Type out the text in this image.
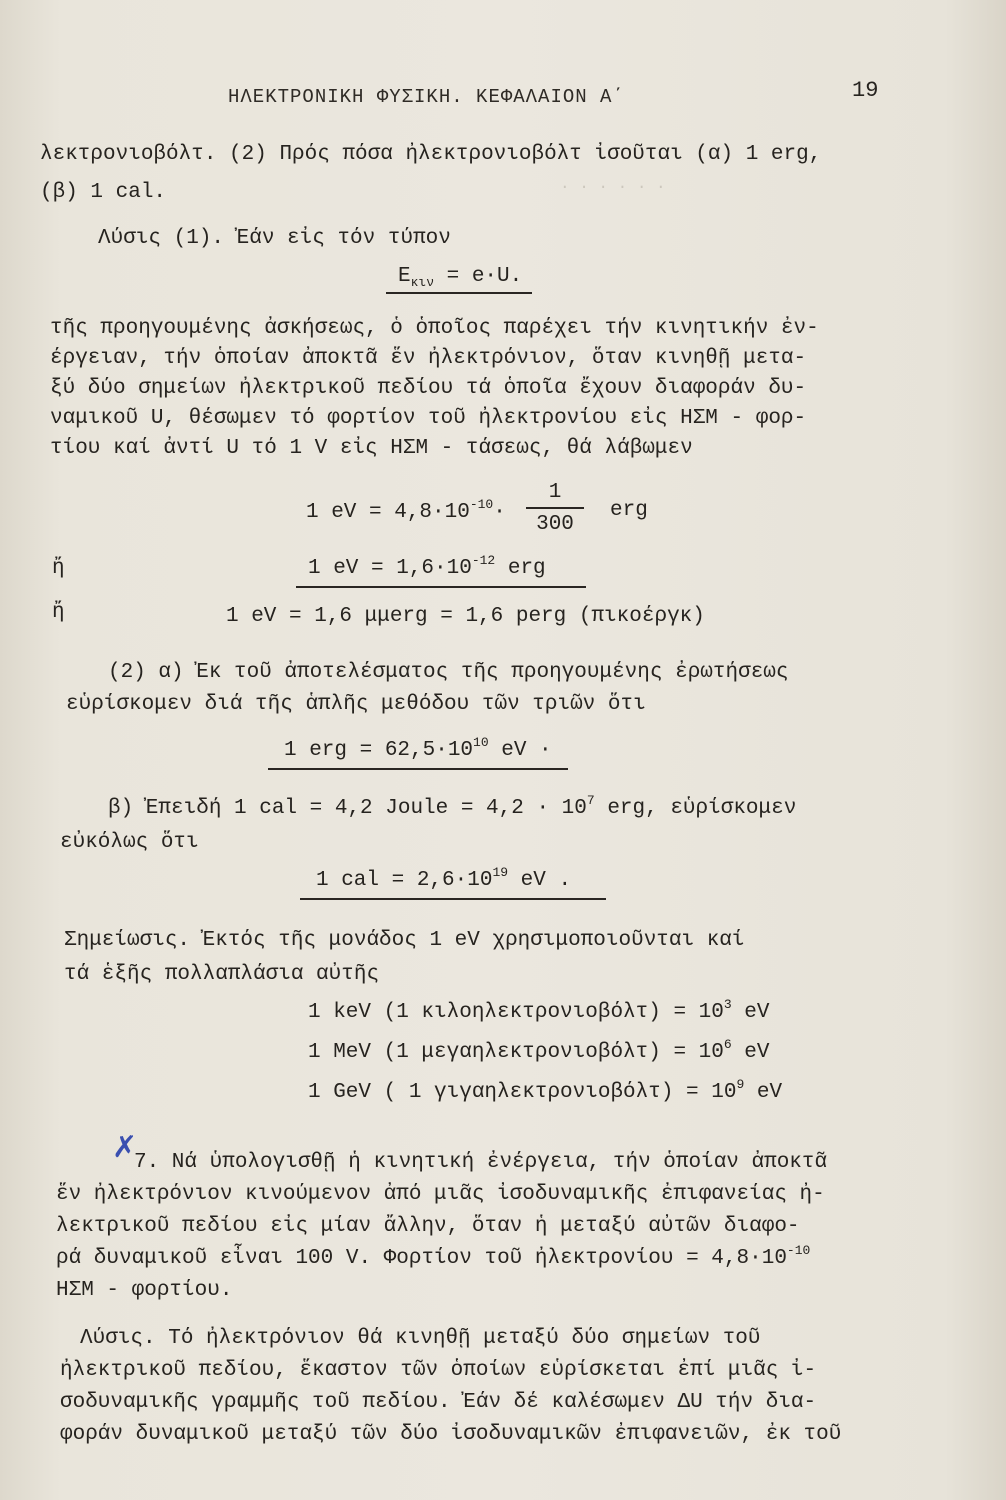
· · · · · ·
ΗΛΕΚΤΡΟΝΙΚΗ ΦΥΣΙΚΗ. ΚΕΦΑΛΑΙΟΝ Α΄	19
λεκτρονιοβόλτ. (2) Πρός πόσα ἠλεκτρονιοβόλτ ἰσοῦται (α) 1 erg,
(β) 1 cal.
Λύσις (1). Ἐάν εἰς τόν τύπον
$E_{\kappa\iota\nu} = e\cdot U$.
τῆς προηγουμένης ἀσκήσεως, ὁ ὁποῖος παρέχει τήν κινητικήν ἐν-
έργειαν, τήν ὁποίαν ἀποκτᾶ ἕν ἠλεκτρόνιον, ὅταν κινηθῇ μετα-
ξύ δύο σημείων ἠλεκτρικοῦ πεδίου τά ὁποῖα ἔχουν διαφοράν δυ-
ναμικοῦ U, θέσωμεν τό φορτίον τοῦ ἠλεκτρονίου εἰς ΗΣΜ - φορ-
τίου καί ἀντί U τό 1 V εἰς ΗΣΜ - τάσεως, θά λάβωμεν
1 eV = $4,8\cdot 10^{-10}\cdot$
1
300
erg
ἤ	1 eV = $1,6\cdot 10^{-12}$ erg
ἤ	1 eV = 1,6 μμerg = 1,6 perg (πικοέργκ)
(2) α) Ἐκ τοῦ ἀποτελέσματος τῆς προηγουμένης ἐρωτήσεως
εὑρίσκομεν διά τῆς ἁπλῆς μεθόδου τῶν τριῶν ὅτι
1 erg = $62,5\cdot 10^{10}$ eV ·
β) Ἐπειδή 1 cal = 4,2 Joule = $4,2 \cdot 10^7$ erg, εὑρίσκομεν
εὐκόλως ὅτι
1 cal = $2,6\cdot 10^{19}$ eV .
Σημείωσις. Ἐκτός τῆς μονάδος 1 eV χρησιμοποιοῦνται καί
τά ἑξῆς πολλαπλάσια αὐτῆς
1 keV (1 $\kappa\iota\lambda o\eta\lambda\varepsilon\kappa\tau\rho o\nu\iota o\beta ό\lambda\tau) = 10^3$ eV
1 MeV (1 $\mu\varepsilon\gamma\alpha\eta\lambda\varepsilon\kappa\tau\rho o\nu\iota o\beta ό\lambda\tau) = 10^6$ eV
1 GeV ( 1 $\gamma\iota\gamma\alpha\eta\lambda\varepsilon\kappa\tau\rho o\nu\iota o\beta ό\lambda\tau) = 10^9$ eV
✗
7. Νά ὑπολογισθῇ ἡ κινητική ἐνέργεια, τήν ὁποίαν ἀποκτᾶ
ἕν ἠλεκτρόνιον κινούμενον ἀπό μιᾶς ἰσοδυναμικῆς ἐπιφανείας ἠ-
λεκτρικοῦ πεδίου εἰς μίαν ἄλλην, ὅταν ἡ μεταξύ αὐτῶν διαφο-
ρά δυναμικοῦ εἶναι 100 V. Φορτίον τοῦ ἠλεκτρονίου = $4,8\cdot 10^{-10}$
ΗΣΜ - φορτίου.
Λύσις. Τό ἠλεκτρόνιον θά κινηθῇ μεταξύ δύο σημείων τοῦ
ἠλεκτρικοῦ πεδίου, ἕκαστον τῶν ὁποίων εὑρίσκεται ἐπί μιᾶς ἰ-
σοδυναμικῆς γραμμῆς τοῦ πεδίου. Ἐάν δέ καλέσωμεν ΔU τήν δια-
φοράν δυναμικοῦ μεταξύ τῶν δύο ἰσοδυναμικῶν ἐπιφανειῶν, ἐκ τοῦ
